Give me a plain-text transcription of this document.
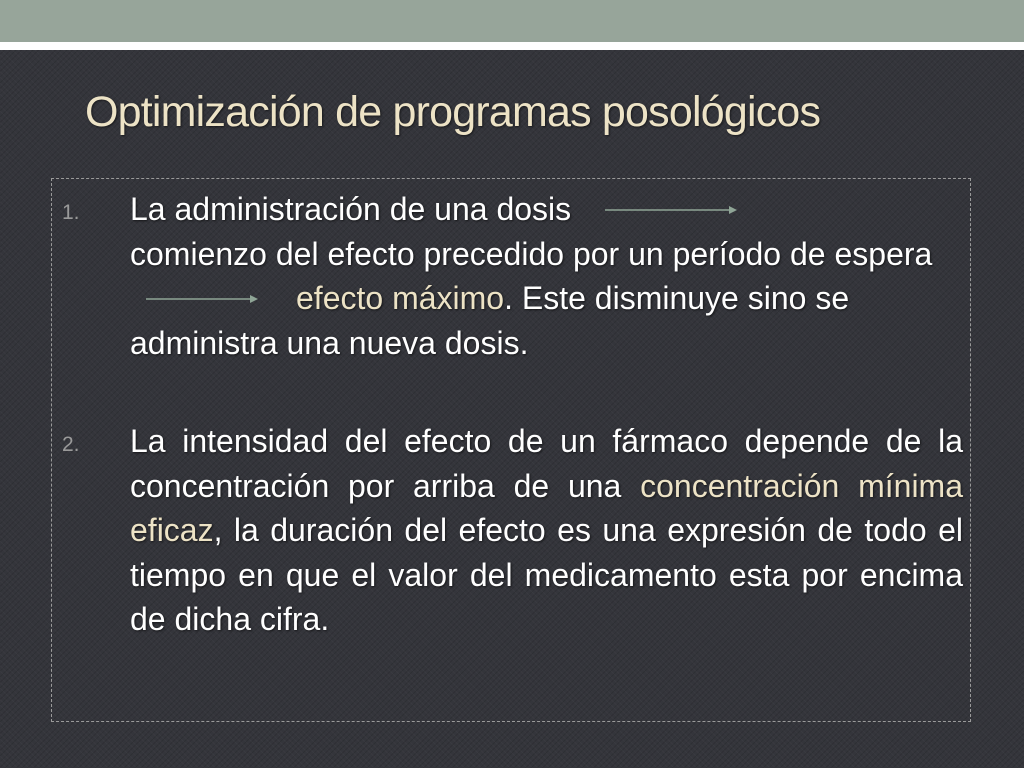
Optimización de programas posológicos
1. La administración de una dosis

comienzo del efecto precedido por un período de espera
efecto máximo. Este disminuye sino se administra una nueva dosis.

2. La intensidad del efecto de un fármaco depende de la concentración por arriba de una concentración mínima eficaz, la duración del efecto es una expresión de todo el tiempo en que el valor del medicamento esta por encima de dicha cifra.
